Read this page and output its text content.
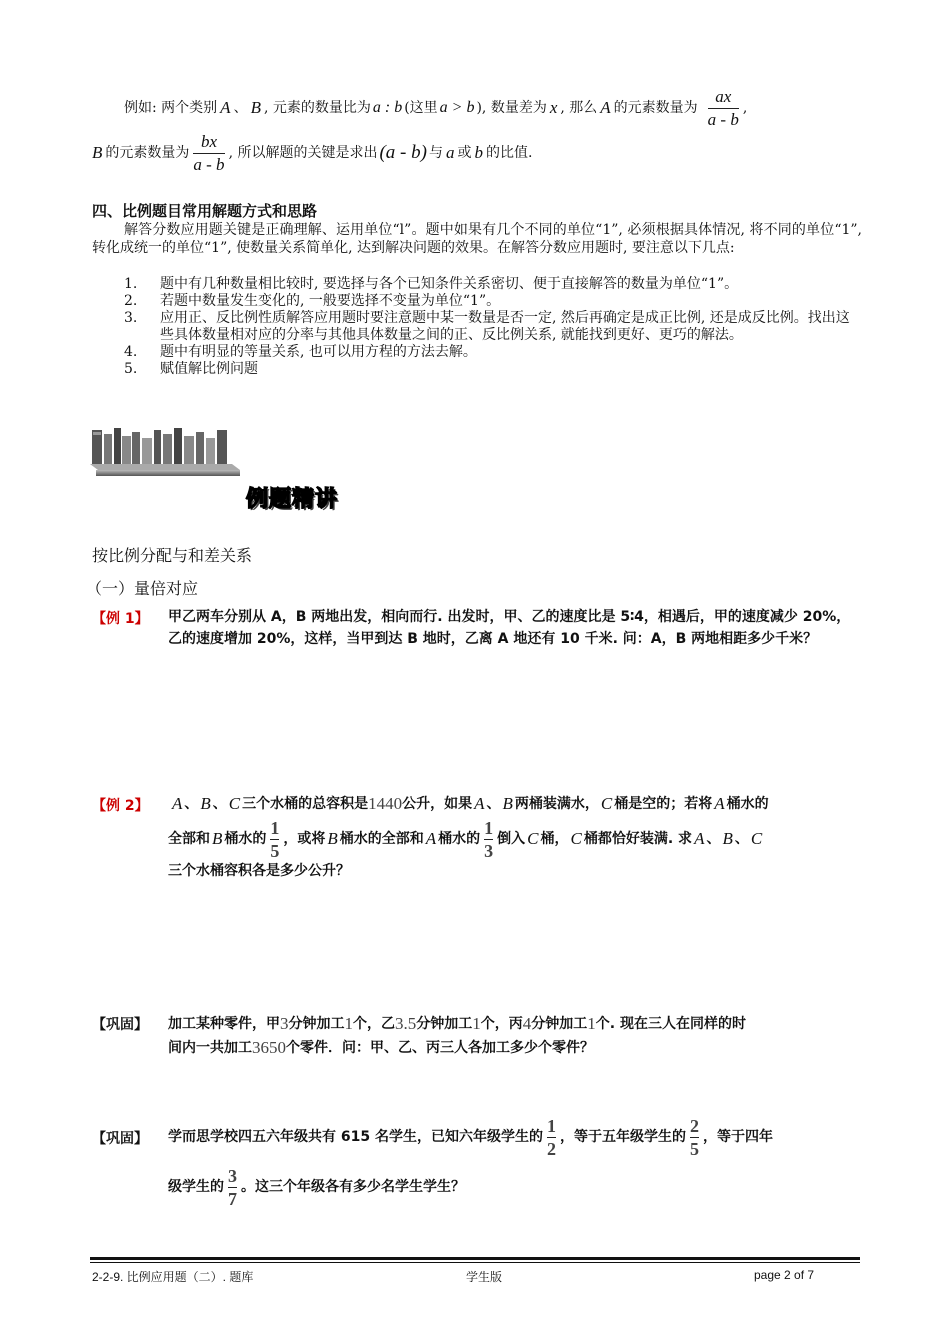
例如: 两个类别 A 、 B , 元素的数量比为 a : b (这里 a > b ), 数量差为 x , 那么 A 的元素数量为 $\frac{ax}{a - b}$ ,
B 的元素数量为 $\frac{bx}{a - b}$ , 所以解题的关键是求出 (a - b) 与 a 或 b 的比值.
四、比例题目常用解题方式和思路
解答分数应用题关键是正确理解、运用单位“l”。题中如果有几个不同的单位“1”, 必须根据具体情况, 将不同的单位“1”, 转化成统一的单位“1”, 使数量关系简单化, 达到解决问题的效果。在解答分数应用题时, 要注意以下几点:
1.	题中有几种数量相比较时, 要选择与各个已知条件关系密切、便于直接解答的数量为单位“1”。
2.	若题中数量发生变化的, 一般要选择不变量为单位“1”。
3.	应用正、反比例性质解答应用题时要注意题中某一数量是否一定, 然后再确定是成正比例, 还是成反比例。找出这些具体数量相对应的分率与其他具体数量之间的正、反比例关系, 就能找到更好、更巧的解法。
4.	题中有明显的等量关系, 也可以用方程的方法去解。
5.	赋值解比例问题
例题精讲
按比例分配与和差关系
（一）量倍对应
【例 1】 甲乙两车分别从 A，B 两地出发，相向而行. 出发时，甲、乙的速度比是 5∶4，相遇后，甲的速度减少 20%，乙的速度增加 20%，这样，当甲到达 B 地时，乙离 A 地还有 10 千米. 问：A，B 两地相距多少千米？
【例 2】 A 、 B 、 C 三个水桶的总容积是 1440 公升，如果 A 、 B 两桶装满水， C 桶是空的；若将 A 桶水的
全部和 B 桶水的 $\frac{1}{5}$ ，或将 B 桶水的全部和 A 桶水的 $\frac{1}{3}$ 倒入 C 桶， C 桶都恰好装满. 求 A 、 B 、 C
三个水桶容积各是多少公升？
【巩固】 加工某种零件，甲 3 分钟加工 1 个，乙 3.5 分钟加工 1 个，丙 4 分钟加工 1 个. 现在三人在同样的时
间内一共加工 3650 个零件．问：甲、乙、丙三人各加工多少个零件？
【巩固】 学而思学校四五六年级共有 615 名学生，已知六年级学生的 $\frac{1}{2}$ ，等于五年级学生的 $\frac{2}{5}$ ，等于四年
级学生的 $\frac{3}{7}$ 。这三个年级各有多少名学生学生？
2-2-9. 比例应用题（二）. 题库	学生版	page 2 of 7
